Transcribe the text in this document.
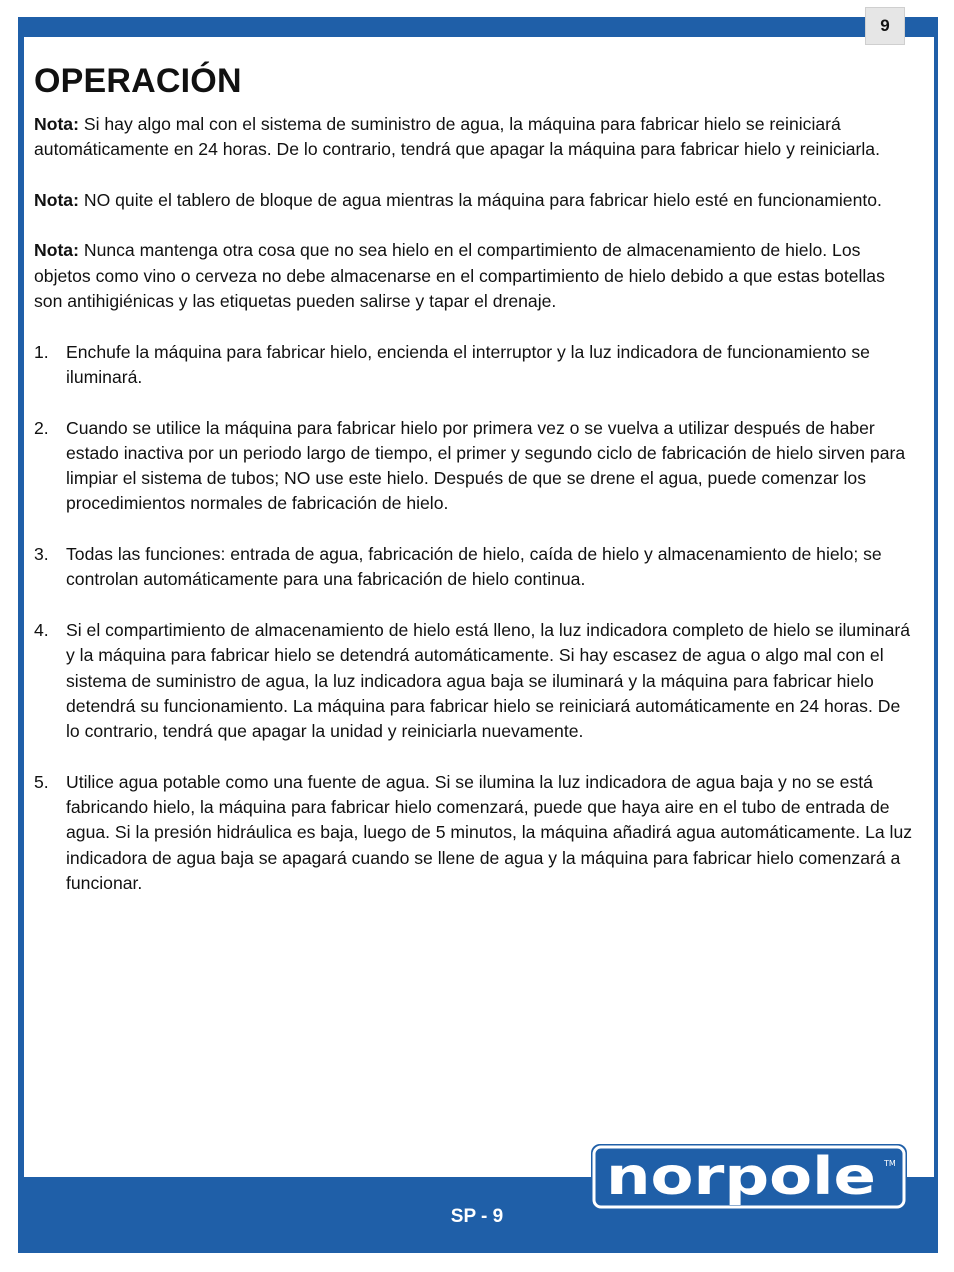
9
OPERACIÓN

Nota: Si hay algo mal con el sistema de suministro de agua, la máquina para fabricar hielo se reiniciará automáticamente en 24 horas. De lo contrario, tendrá que apagar la máquina para fabricar hielo y reiniciarla.

Nota: NO quite el tablero de bloque de agua mientras la máquina para fabricar hielo esté en funcionamiento.

Nota: Nunca mantenga otra cosa que no sea hielo en el compartimiento de almacenamiento de hielo. Los objetos como vino o cerveza no debe almacenarse en el compartimiento de hielo debido a que estas botellas son antihigiénicas y las etiquetas pueden salirse y tapar el drenaje.

1. Enchufe la máquina para fabricar hielo, encienda el interruptor y la luz indicadora de funcionamiento se iluminará.
2. Cuando se utilice la máquina para fabricar hielo por primera vez o se vuelva a utilizar después de haber estado inactiva por un periodo largo de tiempo, el primer y segundo ciclo de fabricación de hielo sirven para limpiar el sistema de tubos; NO use este hielo. Después de que se drene el agua, puede comenzar los procedimientos normales de fabricación de hielo.
3. Todas las funciones: entrada de agua, fabricación de hielo, caída de hielo y almacenamiento de hielo; se controlan automáticamente para una fabricación de hielo continua.
4. Si el compartimiento de almacenamiento de hielo está lleno, la luz indicadora completo de hielo se iluminará y la máquina para fabricar hielo se detendrá automáticamente. Si hay escasez de agua o algo mal con el sistema de suministro de agua, la luz indicadora agua baja se iluminará y la máquina para fabricar hielo detendrá su funcionamiento. La máquina para fabricar hielo se reiniciará automáticamente en 24 horas. De lo contrario, tendrá que apagar la unidad y reiniciarla nuevamente.
5. Utilice agua potable como una fuente de agua. Si se ilumina la luz indicadora de agua baja y no se está fabricando hielo, la máquina para fabricar hielo comenzará, puede que haya aire en el tubo de entrada de agua. Si la presión hidráulica es baja, luego de 5 minutos, la máquina añadirá agua automáticamente. La luz indicadora de agua baja se apagará cuando se llene de agua y la máquina para fabricar hielo comenzará a funcionar.
norpole TM
SP - 9
